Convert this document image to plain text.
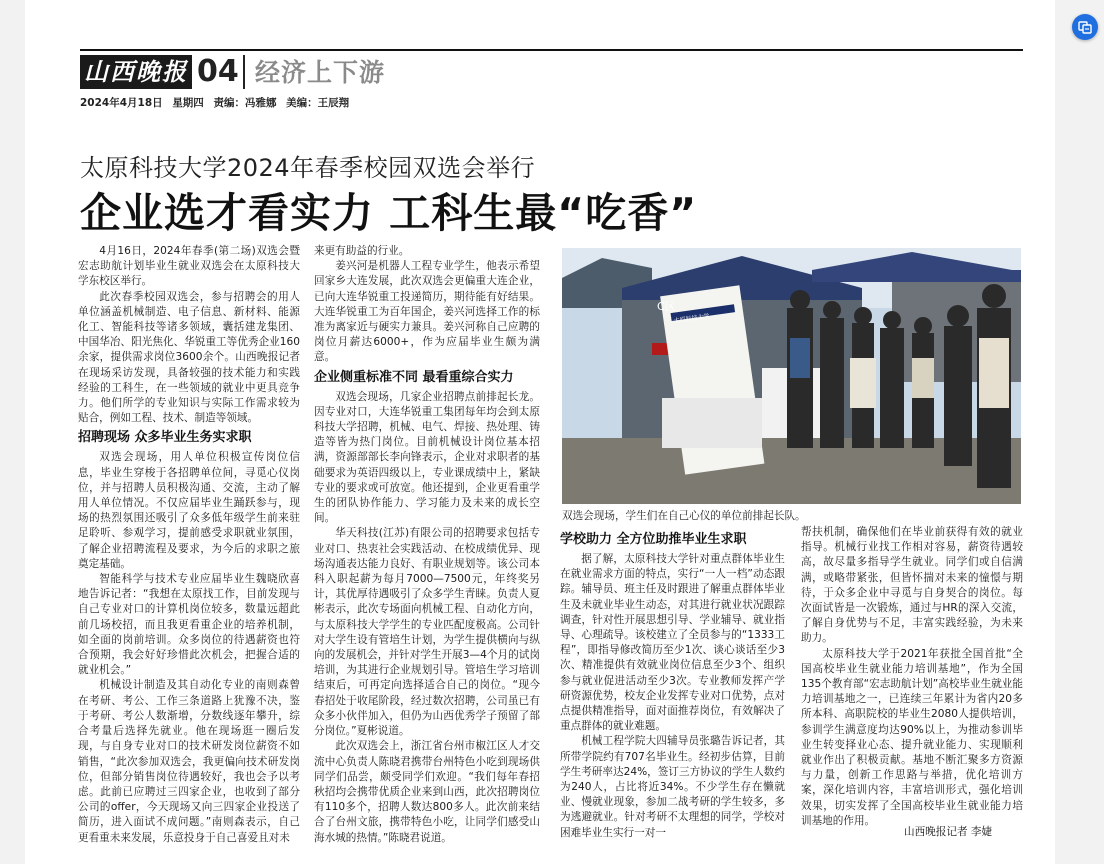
山西晚报 04 经济上下游
2024年4月18日 星期四 责编：冯雅娜 美编：王辰翔
太原科技大学2024年春季校园双选会举行
企业选才看实力 工科生最“吃香”

4月16日，2024年春季(第二场)双选会暨宏志助航计划毕业生就业双选会在太原科技大学东校区举行。

此次春季校园双选会，参与招聘会的用人单位涵盖机械制造、电子信息、新材料、能源化工、智能科技等诸多领域，囊括建龙集团、中国华冶、阳光焦化、华锐重工等优秀企业160余家，提供需求岗位3600余个。山西晚报记者在现场采访发现，具备较强的技术能力和实践经验的工科生，在一些领域的就业中更具竞争力。他们所学的专业知识与实际工作需求较为贴合，例如工程、技术、制造等领域。

招聘现场 众多毕业生务实求职

双选会现场，用人单位积极宣传岗位信息，毕业生穿梭于各招聘单位间，寻觅心仪岗位，并与招聘人员积极沟通、交流，主动了解用人单位情况。不仅应届毕业生踊跃参与，现场的热烈氛围还吸引了众多低年级学生前来驻足聆听、参观学习，提前感受求职就业氛围，了解企业招聘流程及要求，为今后的求职之旅奠定基础。

智能科学与技术专业应届毕业生魏晓欣喜地告诉记者：“我想在太原找工作，目前发现与自己专业对口的计算机岗位较多，数量远超此前几场校招，而且我更看重企业的培养机制，如全面的岗前培训。众多岗位的待遇薪资也符合预期，我会好好珍惜此次机会，把握合适的就业机会。”

机械设计制造及其自动化专业的南则森曾在考研、考公、工作三条道路上犹豫不决，鉴于考研、考公人数渐增，分数线逐年攀升，综合考量后选择先就业。他在现场逛一圈后发现，与自身专业对口的技术研发岗位薪资不如销售，“此次参加双选会，我更偏向技术研发岗位，但部分销售岗位待遇较好，我也会予以考虑。此前已应聘过三四家企业，也收到了部分公司的offer，今天现场又向三四家企业投送了简历，进入面试不成问题。”南则森表示，自己更看重未来发展，乐意投身于自己喜爱且对未

来更有助益的行业。

姜兴河是机器人工程专业学生，他表示希望回家乡大连发展，此次双选会更偏重大连企业，已向大连华锐重工投递简历，期待能有好结果。大连华锐重工为百年国企，姜兴河选择工作的标准为离家近与硬实力兼具。姜兴河称自己应聘的岗位月薪达6000+，作为应届毕业生颇为满意。

企业侧重标准不同 最看重综合实力

双选会现场，几家企业招聘点前排起长龙。因专业对口，大连华锐重工集团每年均会到太原科技大学招聘，机械、电气、焊接、热处理、铸造等皆为热门岗位。目前机械设计岗位基本招满，资源部部长李向锋表示，企业对求职者的基础要求为英语四级以上，专业课成绩中上，紧缺专业的要求或可放宽。他还提到，企业更看重学生的团队协作能力、学习能力及未来的成长空间。

华天科技(江苏)有限公司的招聘要求包括专业对口、热衷社会实践活动、在校成绩优异、现场沟通表达能力良好、有职业规划等。该公司本科入职起薪为每月7000—7500元，年终奖另计，其优厚待遇吸引了众多学生青睐。负责人夏彬表示，此次专场面向机械工程、自动化方向，与太原科技大学学生的专业匹配度极高。公司针对大学生设有管培生计划，为学生提供横向与纵向的发展机会，并针对学生开展3—4个月的试岗培训，为其进行企业规划引导。管培生学习培训结束后，可再定向选择适合自己的岗位。“现今春招处于收尾阶段，经过数次招聘，公司虽已有众多小伙伴加入，但仍为山西优秀学子预留了部分岗位。”夏彬说道。

此次双选会上，浙江省台州市椒江区人才交流中心负责人陈晓君携带台州特色小吃到现场供同学们品尝，颇受同学们欢迎。“我们每年春招秋招均会携带优质企业来到山西，此次招聘岗位有110多个，招聘人数达800多人。此次前来结合了台州文旅，携带特色小吃，让同学们感受山海水城的热情。”陈晓君说道。

C区
太原科技大学
双选会现场，学生们在自己心仪的单位前排起长队。
学校助力 全方位助推毕业生求职

据了解，太原科技大学针对重点群体毕业生在就业需求方面的特点，实行“一人一档”动态跟踪。辅导员、班主任及时跟进了解重点群体毕业生及未就业毕业生动态，对其进行就业状况跟踪调查，针对性开展思想引导、学业辅导、就业指导、心理疏导。该校建立了全员参与的“1333工程”，即指导修改简历至少1次、谈心谈话至少3次、精准提供有效就业岗位信息至少3个、组织参与就业促进活动至少3次。专业教师发挥产学研资源优势，校友企业发挥专业对口优势，点对点提供精准指导，面对面推荐岗位，有效解决了重点群体的就业难题。

机械工程学院大四辅导员张璐告诉记者，其所带学院约有707名毕业生。经初步估算，目前学生考研率达24%，签订三方协议的学生人数约为240人，占比将近34%。不少学生存在懒就业、慢就业现象，参加二战考研的学生较多，多为逃避就业。针对考研不太理想的同学，学校对困难毕业生实行一对一

帮扶机制，确保他们在毕业前获得有效的就业指导。机械行业找工作相对容易，薪资待遇较高，故尽量多指导学生就业。同学们或自信满满，或略带紧张，但皆怀揣对未来的憧憬与期待，于众多企业中寻觅与自身契合的岗位。每次面试皆是一次锻炼，通过与HR的深入交流，了解自身优势与不足，丰富实践经验，为未来助力。

太原科技大学于2021年获批全国首批“全国高校毕业生就业能力培训基地”，作为全国135个教育部“宏志助航计划”高校毕业生就业能力培训基地之一，已连续三年累计为省内20多所本科、高职院校的毕业生2080人提供培训，参训学生满意度均达90%以上，为推动参训毕业生转变择业心态、提升就业能力、实现顺利就业作出了积极贡献。基地不断汇聚多方资源与力量，创新工作思路与举措，优化培训方案，深化培训内容，丰富培训形式，强化培训效果，切实发挥了全国高校毕业生就业能力培训基地的作用。

山西晚报记者 李婕
